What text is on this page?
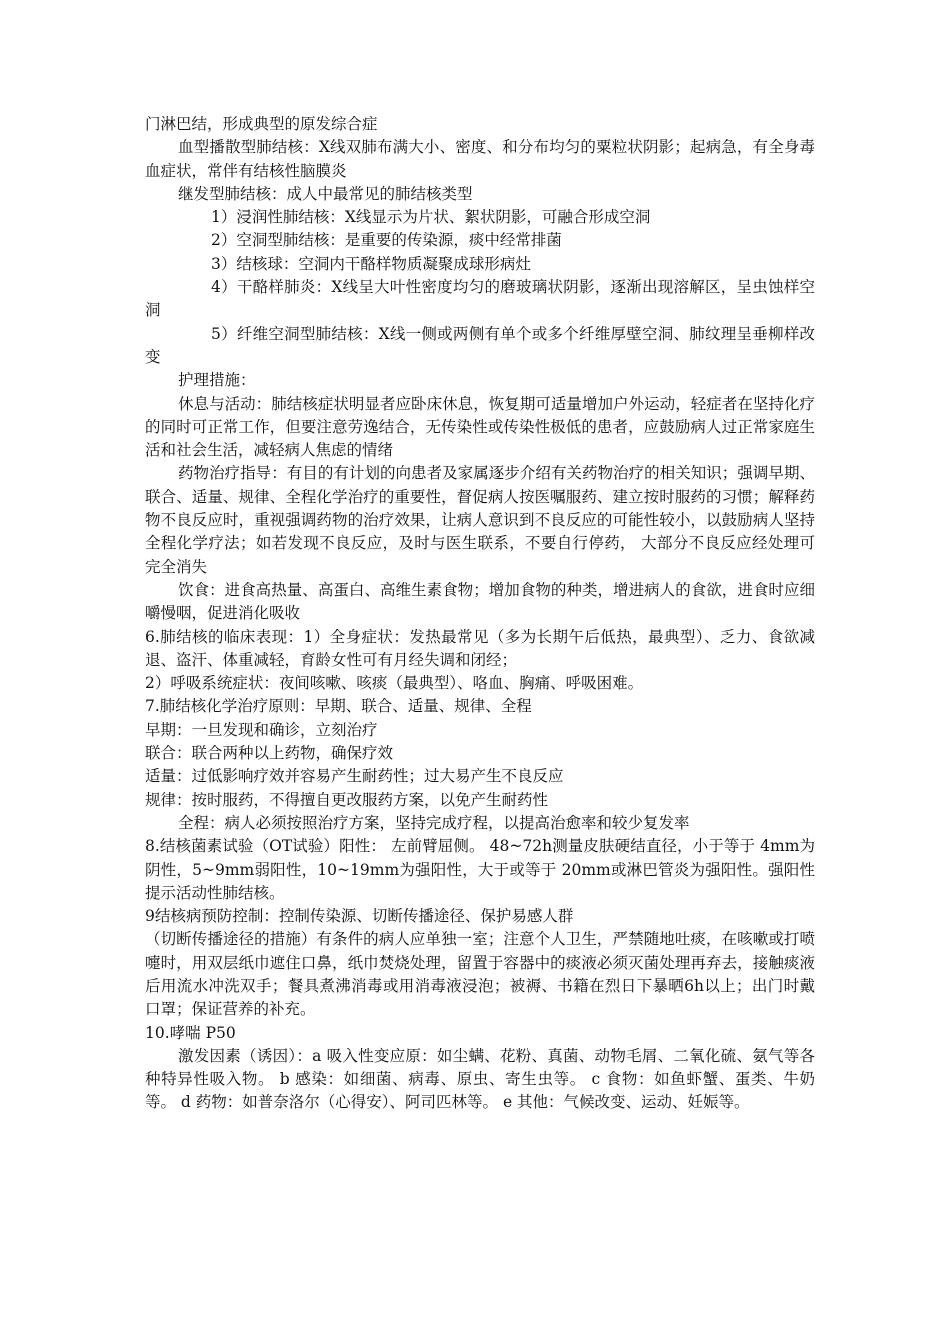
门淋巴结，形成典型的原发综合症

血型播散型肺结核：X线双肺布满大小、密度、和分布均匀的粟粒状阴影；起病急，有全身毒血症状，常伴有结核性脑膜炎

继发型肺结核：成人中最常见的肺结核类型

1）浸润性肺结核：X线显示为片状、絮状阴影，可融合形成空洞

2）空洞型肺结核：是重要的传染源，痰中经常排菌

3）结核球：空洞内干酪样物质凝聚成球形病灶

4）干酪样肺炎：X线呈大叶性密度均匀的磨玻璃状阴影，逐渐出现溶解区，呈虫蚀样空洞

5）纤维空洞型肺结核：X线一侧或两侧有单个或多个纤维厚壁空洞、肺纹理呈垂柳样改变

护理措施：

休息与活动：肺结核症状明显者应卧床休息，恢复期可适量增加户外运动，轻症者在坚持化疗的同时可正常工作，但要注意劳逸结合，无传染性或传染性极低的患者，应鼓励病人过正常家庭生活和社会生活，减轻病人焦虑的情绪

药物治疗指导：有目的有计划的向患者及家属逐步介绍有关药物治疗的相关知识；强调早期、联合、适量、规律、全程化学治疗的重要性，督促病人按医嘱服药、建立按时服药的习惯；解释药物不良反应时，重视强调药物的治疗效果，让病人意识到不良反应的可能性较小，以鼓励病人坚持全程化学疗法；如若发现不良反应，及时与医生联系，不要自行停药， 大部分不良反应经处理可完全消失

饮食：进食高热量、高蛋白、高维生素食物；增加食物的种类，增进病人的食欲，进食时应细嚼慢咽，促进消化吸收

6.肺结核的临床表现：1）全身症状：发热最常见（多为长期午后低热，最典型）、乏力、食欲减退、盗汗、体重减轻，育龄女性可有月经失调和闭经；

2）呼吸系统症状：夜间咳嗽、咳痰（最典型）、咯血、胸痛、呼吸困难。

7.肺结核化学治疗原则：早期、联合、适量、规律、全程

早期：一旦发现和确诊，立刻治疗

联合：联合两种以上药物，确保疗效

适量：过低影响疗效并容易产生耐药性；过大易产生不良反应

规律：按时服药，不得擅自更改服药方案，以免产生耐药性

全程：病人必须按照治疗方案，坚持完成疗程，以提高治愈率和较少复发率

8.结核菌素试验（OT试验）阳性： 左前臂屈侧。 48~72h测量皮肤硬结直径，小于等于 4mm为阴性，5~9mm弱阳性，10~19mm为强阳性，大于或等于 20mm或淋巴管炎为强阳性。强阳性提示活动性肺结核。

9结核病预防控制：控制传染源、切断传播途径、保护易感人群

（切断传播途径的措施）有条件的病人应单独一室；注意个人卫生，严禁随地吐痰，在咳嗽或打喷嚏时，用双层纸巾遮住口鼻，纸巾焚烧处理，留置于容器中的痰液必须灭菌处理再弃去，接触痰液后用流水冲洗双手；餐具煮沸消毒或用消毒液浸泡；被褥、书籍在烈日下暴晒6h以上；出门时戴口罩；保证营养的补充。

10.哮喘 P50

激发因素（诱因）：a 吸入性变应原：如尘螨、花粉、真菌、动物毛屑、二氧化硫、氨气等各种特异性吸入物。 b 感染：如细菌、病毒、原虫、寄生虫等。 c 食物：如鱼虾蟹、蛋类、牛奶等。 d 药物：如普奈洛尔（心得安）、阿司匹林等。 e 其他：气候改变、运动、妊娠等。
